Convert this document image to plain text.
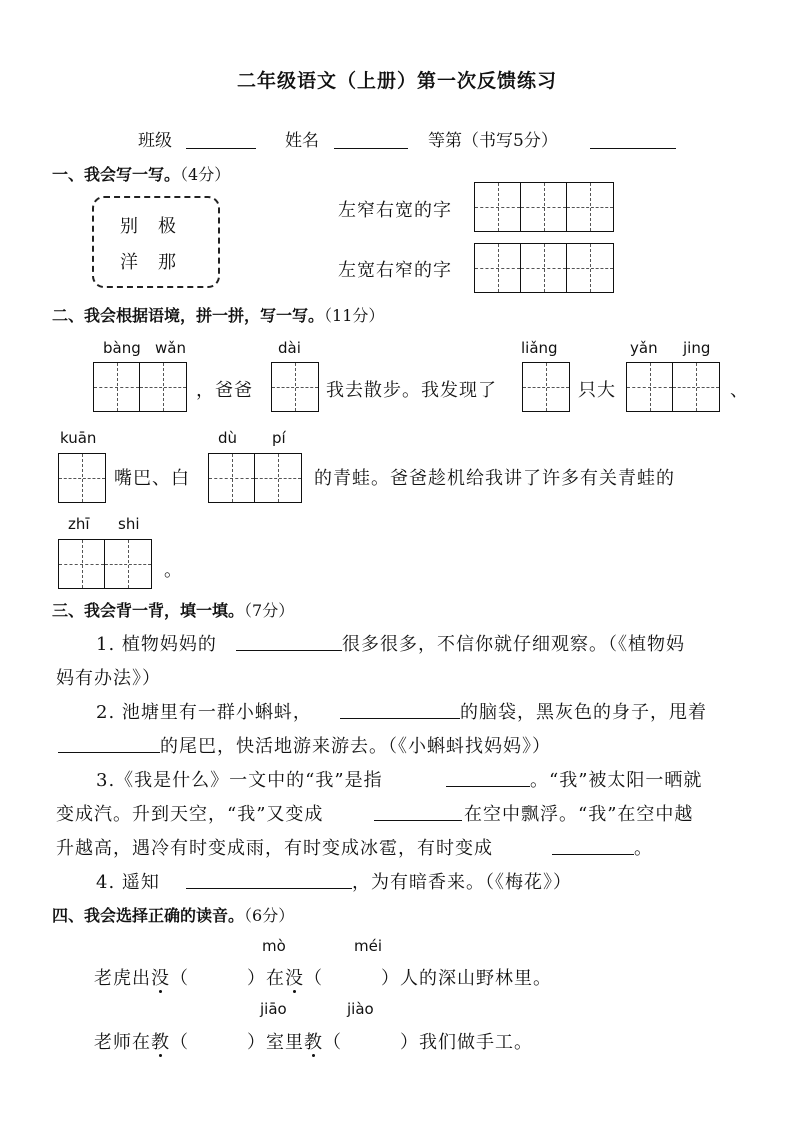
二年级语文（上册）第一次反馈练习
班级	姓名	等第（书写5分）
一、我会写一写。（4分）
别　极
洋　那
左窄右宽的字
左宽右窄的字
二、我会根据语境，拼一拼，写一写。（11分）
bàng wǎn
，爸爸
dài
我去散步。我发现了
liǎng
只大
yǎn jing
、
kuān
嘴巴、白
dù pí
的青蛙。爸爸趁机给我讲了许多有关青蛙的
zhī shi
。
三、我会背一背，填一填。（7分）
1. 植物妈妈的	很多很多，不信你就仔细观察。（《植物妈
妈有办法》）
2. 池塘里有一群小蝌蚪，	的脑袋，黑灰色的身子，甩着
的尾巴，快活地游来游去。（《小蝌蚪找妈妈》）
3.《我是什么》一文中的“我”是指	。“我”被太阳一晒就
变成汽。升到天空，“我”又变成	在空中飘浮。“我”在空中越
升越高，遇冷有时变成雨，有时变成冰雹，有时变成	。
4. 遥知	，为有暗香来。（《梅花》）
四、我会选择正确的读音。（6分）
mò	méi
老虎出没（	）在没（	）人的深山野林里。
jiāo	jiào
老师在教（	）室里教（	）我们做手工。
